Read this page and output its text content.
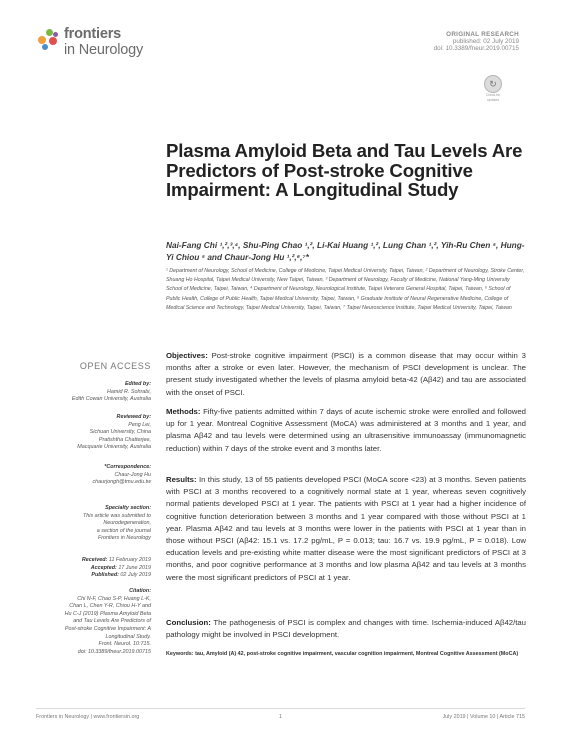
frontiers
in Neurology
ORIGINAL RESEARCH
published: 02 July 2019
doi: 10.3389/fneur.2019.00715
↻
Check for
updates
Plasma Amyloid Beta and Tau Levels Are Predictors of Post-stroke Cognitive Impairment: A Longitudinal Study
Nai-Fang Chi ¹,²,³,⁴, Shu-Ping Chao ¹,², Li-Kai Huang ¹,², Lung Chan ¹,², Yih-Ru Chen ⁵, Hung-Yi Chiou ⁵ and Chaur-Jong Hu ¹,²,⁶,⁷*
¹ Department of Neurology, School of Medicine, College of Medicine, Taipei Medical University, Taipei, Taiwan, ² Department of Neurology, Stroke Center, Shuang Ho Hospital, Taipei Medical University, New Taipei, Taiwan, ³ Department of Neurology, Faculty of Medicine, National Yang-Ming University School of Medicine, Taipei, Taiwan, ⁴ Department of Neurology, Neurological Institute, Taipei Veterans General Hospital, Taipei, Taiwan, ⁵ School of Public Health, College of Public Health, Taipei Medical University, Taipei, Taiwan, ⁶ Graduate Institute of Neural Regenerative Medicine, College of Medical Science and Technology, Taipei Medical University, Taipei, Taiwan, ⁷ Taipei Neuroscience Institute, Taipei Medical University, Taipei, Taiwan
OPEN ACCESS
Edited by:
Hamid R. Sohrabi,
Edith Cowan University, Australia
Reviewed by:
Peng Lei,
Sichuan University, China
Pratishtha Chatterjee,
Macquarie University, Australia
*Correspondence:
Chaur-Jong Hu
chaurjongh@tmu.edu.tw
Specialty section:
This article was submitted to
Neurodegeneration,
a section of the journal
Frontiers in Neurology
Received: 11 February 2019
Accepted: 17 June 2019
Published: 02 July 2019
Citation:
Chi N-F, Chao S-P, Huang L-K,
Chan L, Chen Y-R, Chiou H-Y and
Hu C-J (2019) Plasma Amyloid Beta
and Tau Levels Are Predictors of
Post-stroke Cognitive Impairment: A
Longitudinal Study.
Front. Neurol. 10:715.
doi: 10.3389/fneur.2019.00715
Objectives: Post-stroke cognitive impairment (PSCI) is a common disease that may occur within 3 months after a stroke or even later. However, the mechanism of PSCI development is unclear. The present study investigated whether the levels of plasma amyloid beta-42 (Aβ42) and tau are associated with the onset of PSCI.
Methods: Fifty-five patients admitted within 7 days of acute ischemic stroke were enrolled and followed up for 1 year. Montreal Cognitive Assessment (MoCA) was administered at 3 months and 1 year, and plasma Aβ42 and tau levels were determined using an ultrasensitive immunoassay (immunomagnetic reduction) within 7 days of the stroke event and 3 months later.
Results: In this study, 13 of 55 patients developed PSCI (MoCA score <23) at 3 months. Seven patients with PSCI at 3 months recovered to a cognitively normal state at 1 year, whereas seven cognitively normal patients developed PSCI at 1 year. The patients with PSCI at 1 year had a higher incidence of cognitive function deterioration between 3 months and 1 year compared with those without PSCI at 1 year. Plasma Aβ42 and tau levels at 3 months were lower in the patients with PSCI at 1 year than in those without PSCI (Aβ42: 15.1 vs. 17.2 pg/mL, P = 0.013; tau: 16.7 vs. 19.9 pg/mL, P = 0.018). Low education levels and pre-existing white matter disease were the most significant predictors of PSCI at 3 months, and poor cognitive performance at 3 months and low plasma Aβ42 and tau levels at 3 months were the most significant predictors of PSCI at 1 year.
Conclusion: The pathogenesis of PSCI is complex and changes with time. Ischemia-induced Aβ42/tau pathology might be involved in PSCI development.
Keywords: tau, Amyloid (A) 42, post-stroke cognitive impairment, vascular cognition impairment, Montreal Cognitive Assessment (MoCA)
Frontiers in Neurology | www.frontiersin.org	1	July 2019 | Volume 10 | Article 715
